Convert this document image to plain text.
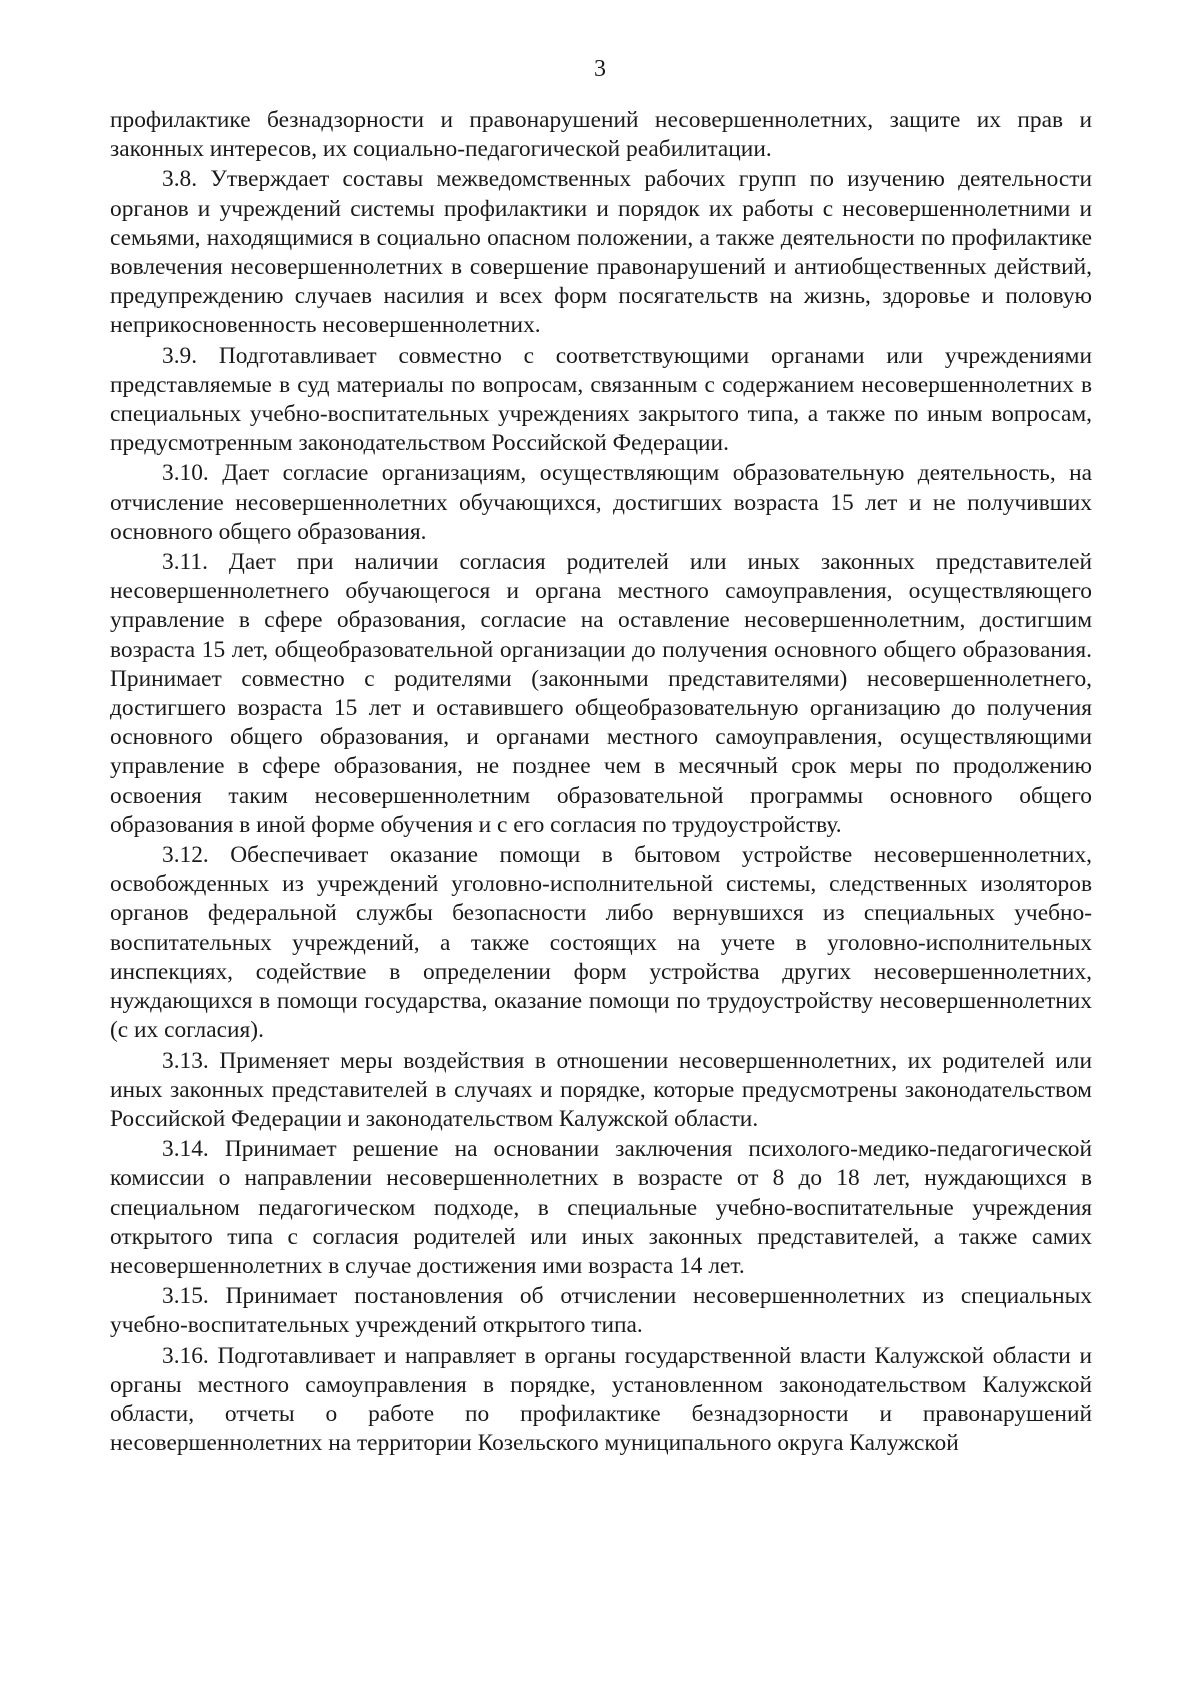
3

профилактике безнадзорности и правонарушений несовершеннолетних, защите их прав и законных интересов, их социально-педагогической реабилитации.

3.8. Утверждает составы межведомственных рабочих групп по изучению деятельности органов и учреждений системы профилактики и порядок их работы с несовершеннолетними и семьями, находящимися в социально опасном положении, а также деятельности по профилактике вовлечения несовершеннолетних в совершение правонарушений и антиобщественных действий, предупреждению случаев насилия и всех форм посягательств на жизнь, здоровье и половую неприкосновенность несовершеннолетних.

3.9. Подготавливает совместно с соответствующими органами или учреждениями представляемые в суд материалы по вопросам, связанным с содержанием несовершеннолетних в специальных учебно-воспитательных учреждениях закрытого типа, а также по иным вопросам, предусмотренным законодательством Российской Федерации.

3.10. Дает согласие организациям, осуществляющим образовательную деятельность, на отчисление несовершеннолетних обучающихся, достигших возраста 15 лет и не получивших основного общего образования.

3.11. Дает при наличии согласия родителей или иных законных представителей несовершеннолетнего обучающегося и органа местного самоуправления, осуществляющего управление в сфере образования, согласие на оставление несовершеннолетним, достигшим возраста 15 лет, общеобразовательной организации до получения основного общего образования. Принимает совместно с родителями (законными представителями) несовершеннолетнего, достигшего возраста 15 лет и оставившего общеобразовательную организацию до получения основного общего образования, и органами местного самоуправления, осуществляющими управление в сфере образования, не позднее чем в месячный срок меры по продолжению освоения таким несовершеннолетним образовательной программы основного общего образования в иной форме обучения и с его согласия по трудоустройству.

3.12. Обеспечивает оказание помощи в бытовом устройстве несовершеннолетних, освобожденных из учреждений уголовно-исполнительной системы, следственных изоляторов органов федеральной службы безопасности либо вернувшихся из специальных учебно-воспитательных учреждений, а также состоящих на учете в уголовно-исполнительных инспекциях, содействие в определении форм устройства других несовершеннолетних, нуждающихся в помощи государства, оказание помощи по трудоустройству несовершеннолетних (с их согласия).

3.13. Применяет меры воздействия в отношении несовершеннолетних, их родителей или иных законных представителей в случаях и порядке, которые предусмотрены законодательством Российской Федерации и законодательством Калужской области.

3.14. Принимает решение на основании заключения психолого-медико-педагогической комиссии о направлении несовершеннолетних в возрасте от 8 до 18 лет, нуждающихся в специальном педагогическом подходе, в специальные учебно-воспитательные учреждения открытого типа с согласия родителей или иных законных представителей, а также самих несовершеннолетних в случае достижения ими возраста 14 лет.

3.15. Принимает постановления об отчислении несовершеннолетних из специальных учебно-воспитательных учреждений открытого типа.

3.16. Подготавливает и направляет в органы государственной власти Калужской области и органы местного самоуправления в порядке, установленном законодательством Калужской области, отчеты о работе по профилактике безнадзорности и правонарушений несовершеннолетних на территории Козельского муниципального округа Калужской
